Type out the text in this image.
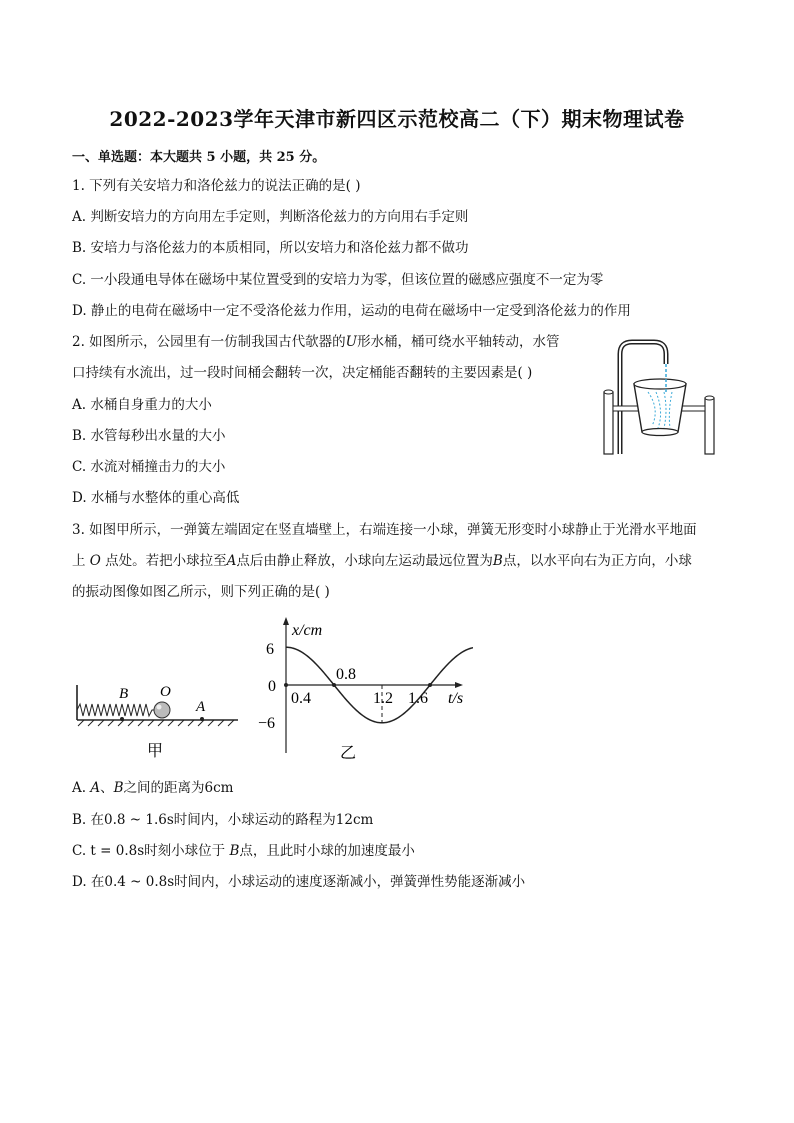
2022-2023学年天津市新四区示范校高二（下）期末物理试卷
一、单选题：本大题共 5 小题，共 25 分。
1. 下列有关安培力和洛伦兹力的说法正确的是( )
A. 判断安培力的方向用左手定则，判断洛伦兹力的方向用右手定则
B. 安培力与洛伦兹力的本质相同，所以安培力和洛伦兹力都不做功
C. 一小段通电导体在磁场中某位置受到的安培力为零，但该位置的磁感应强度不一定为零
D. 静止的电荷在磁场中一定不受洛伦兹力作用，运动的电荷在磁场中一定受到洛伦兹力的作用
2. 如图所示，公园里有一仿制我国古代欹器的U形水桶，桶可绕水平轴转动，水管
口持续有水流出，过一段时间桶会翻转一次，决定桶能否翻转的主要因素是( )
A. 水桶自身重力的大小
B. 水管每秒出水量的大小
C. 水流对桶撞击力的大小
D. 水桶与水整体的重心高低
3. 如图甲所示，一弹簧左端固定在竖直墙壁上，右端连接一小球，弹簧无形变时小球静止于光滑水平地面
上 O 点处。若把小球拉至A点后由静止释放，小球向左运动最远位置为B点，以水平向右为正方向，小球
的振动图像如图乙所示，则下列正确的是( )
B O
A
甲
x/cm
t/s
6
0
−6
0.4
0.8
1.2 1.6
乙
A. A、B之间的距离为6cm
B. 在0.8 ~ 1.6s时间内，小球运动的路程为12cm
C. t = 0.8s时刻小球位于 B点，且此时小球的加速度最小
D. 在0.4 ~ 0.8s时间内，小球运动的速度逐渐减小，弹簧弹性势能逐渐减小
